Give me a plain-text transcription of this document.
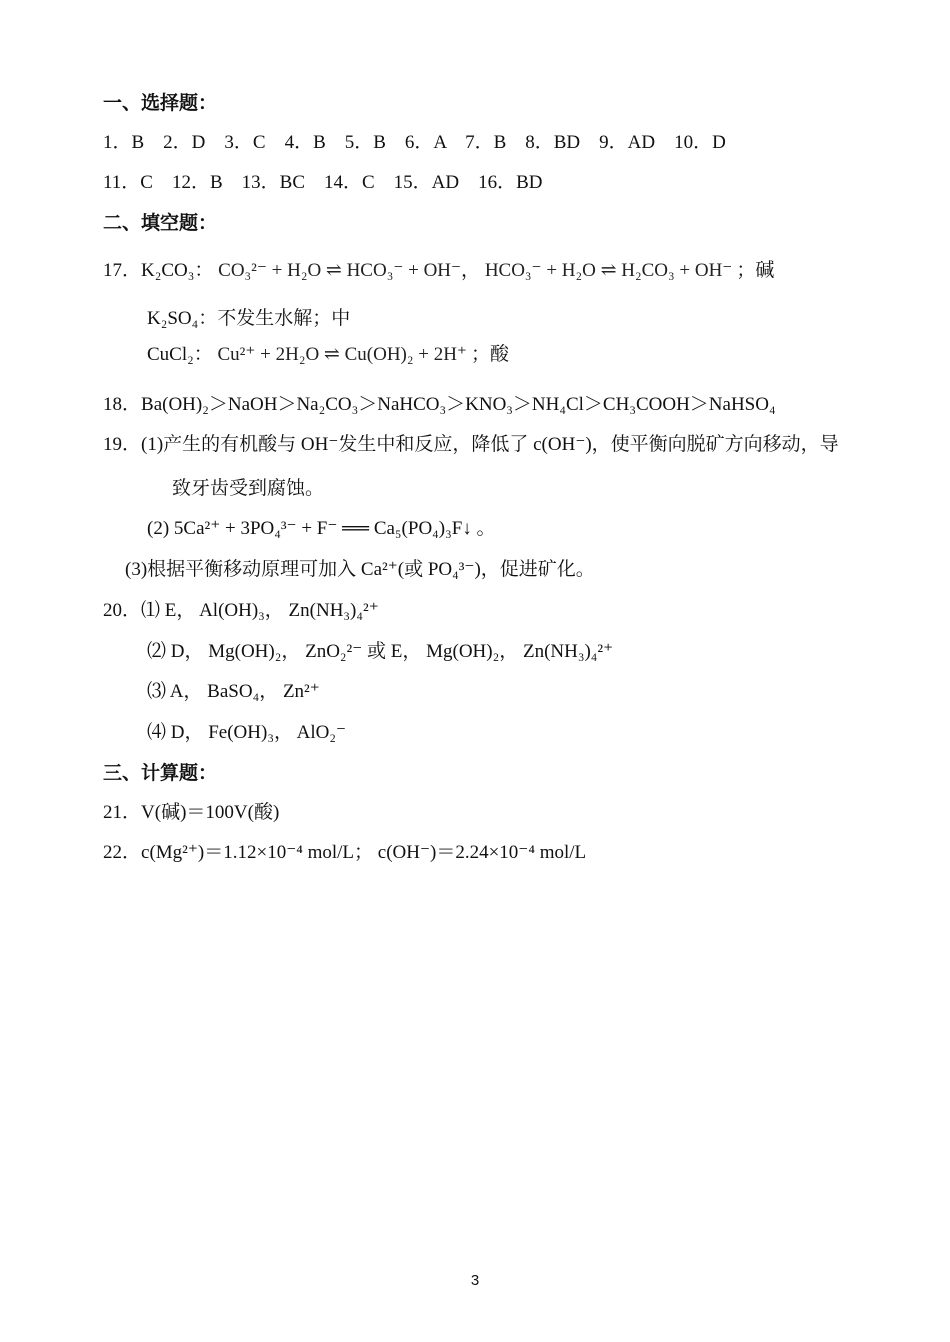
一、选择题：
1．B　2．D　3．C　4．B　5．B　6．A　7．B　8．BD　9．AD　10．D
11．C　12．B　13．BC　14．C　15．AD　16．BD
二、填空题：
17．K₂CO₃： CO₃²⁻ + H₂O ⇌ HCO₃⁻ + OH⁻， HCO₃⁻ + H₂O ⇌ H₂CO₃ + OH⁻ ；碱
K₂SO₄：不发生水解；中
CuCl₂： Cu²⁺ + 2H₂O ⇌ Cu(OH)₂ + 2H⁺ ；酸
18．Ba(OH)₂＞NaOH＞Na₂CO₃＞NaHCO₃＞KNO₃＞NH₄Cl＞CH₃COOH＞NaHSO₄
19．(1)产生的有机酸与 OH⁻发生中和反应，降低了 c(OH⁻)，使平衡向脱矿方向移动，导
致牙齿受到腐蚀。
(2) 5Ca²⁺ + 3PO₄³⁻ + F⁻ ══ Ca₅(PO₄)₃F↓ 。
(3)根据平衡移动原理可加入 Ca²⁺(或 PO₄³⁻)，促进矿化。
20．⑴ E， Al(OH)₃， Zn(NH₃)₄²⁺
⑵ D， Mg(OH)₂， ZnO₂²⁻ 或 E， Mg(OH)₂， Zn(NH₃)₄²⁺
⑶ A， BaSO₄， Zn²⁺
⑷ D， Fe(OH)₃， AlO₂⁻
三、计算题：
21．V(碱)＝100V(酸)
22．c(Mg²⁺)＝1.12×10⁻⁴ mol/L； c(OH⁻)＝2.24×10⁻⁴ mol/L
3
